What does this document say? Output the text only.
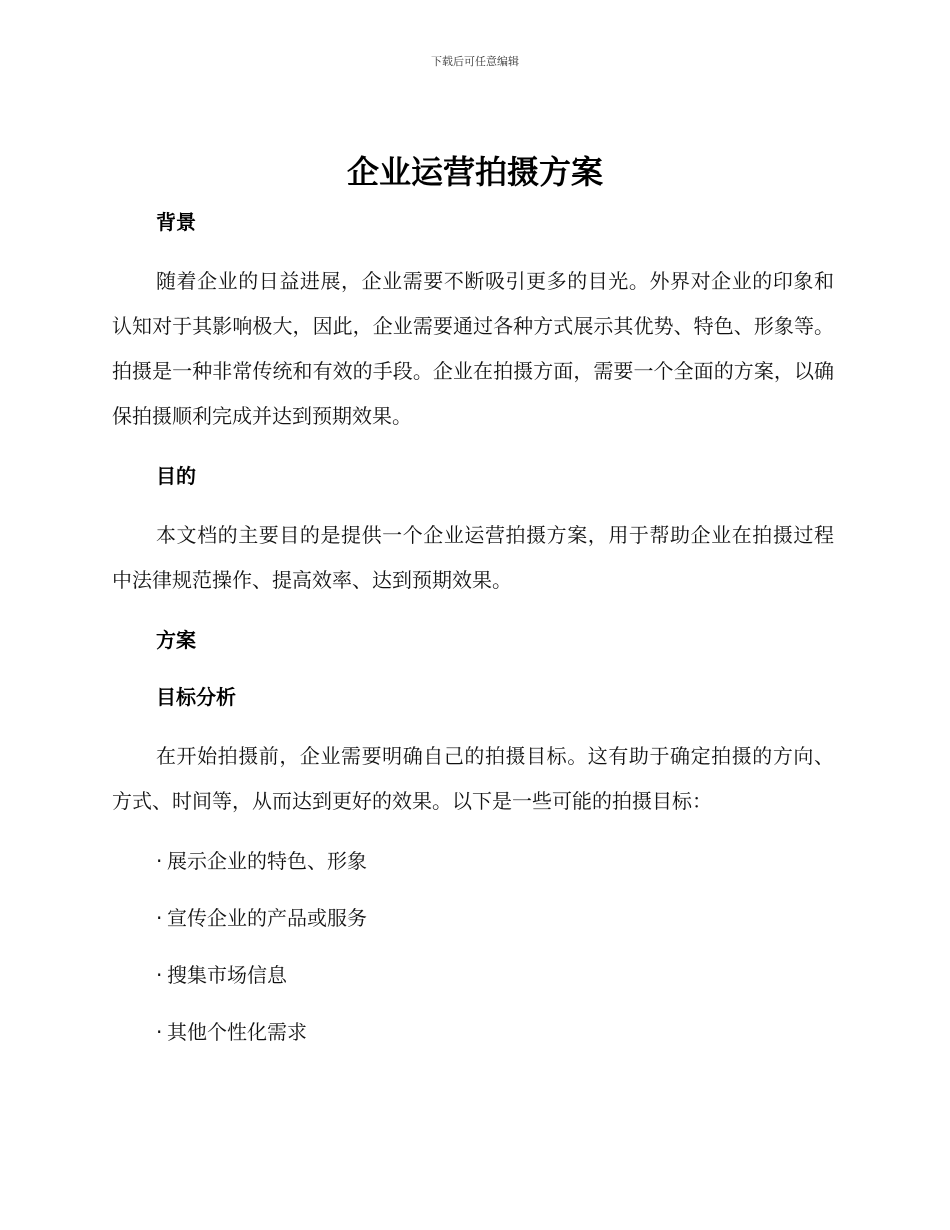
下载后可任意编辑
企业运营拍摄方案
背景

随着企业的日益进展，企业需要不断吸引更多的目光。外界对企业的印象和认知对于其影响极大，因此，企业需要通过各种方式展示其优势、特色、形象等。拍摄是一种非常传统和有效的手段。企业在拍摄方面，需要一个全面的方案，以确保拍摄顺利完成并达到预期效果。

目的

本文档的主要目的是提供一个企业运营拍摄方案，用于帮助企业在拍摄过程中法律规范操作、提高效率、达到预期效果。

方案
目标分析

在开始拍摄前，企业需要明确自己的拍摄目标。这有助于确定拍摄的方向、方式、时间等，从而达到更好的效果。以下是一些可能的拍摄目标：

· 展示企业的特色、形象
· 宣传企业的产品或服务
· 搜集市场信息
· 其他个性化需求
